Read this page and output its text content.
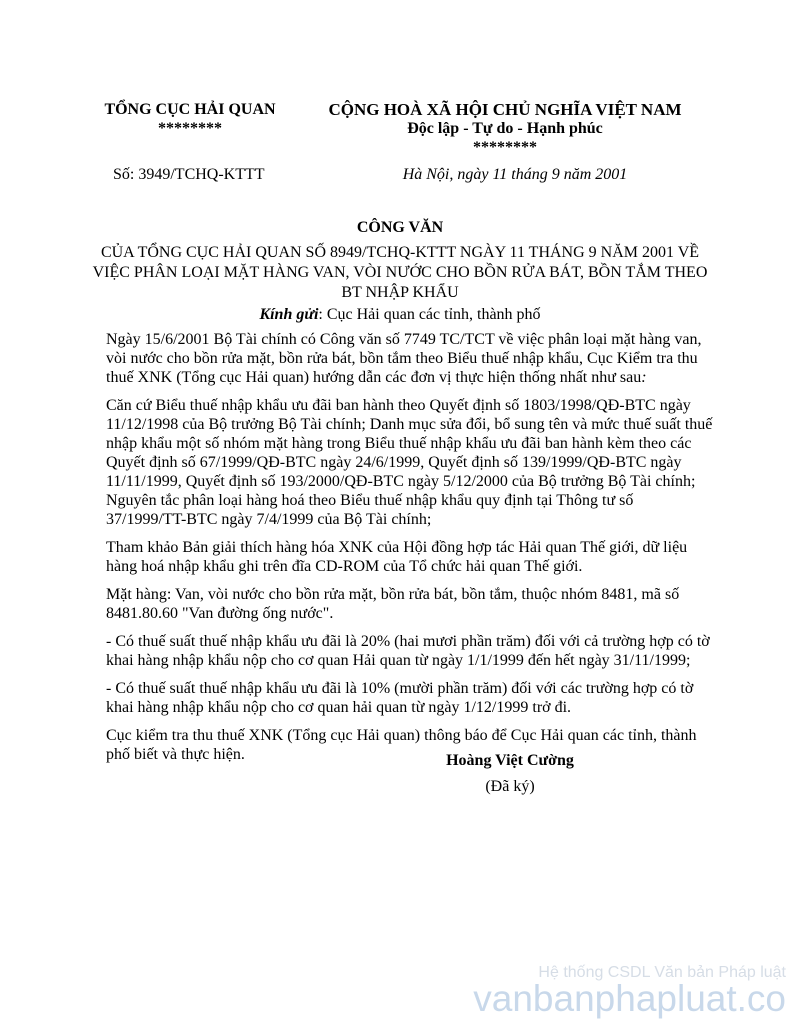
TỔNG CỤC HẢI QUAN
********
CỘNG HOÀ XÃ HỘI CHỦ NGHĨA VIỆT NAM
Độc lập - Tự do - Hạnh phúc
********
Số: 3949/TCHQ-KTTT	Hà Nội, ngày 11 tháng 9 năm 2001
CÔNG VĂN
CỦA TỔNG CỤC HẢI QUAN SỐ 8949/TCHQ-KTTT NGÀY 11 THÁNG 9 NĂM 2001 VỀ VIỆC PHÂN LOẠI MẶT HÀNG VAN, VÒI NƯỚC CHO BỒN RỬA BÁT, BỒN TẮM THEO BT NHẬP KHẨU
Kính gửi: Cục Hải quan các tỉnh, thành phố

Ngày 15/6/2001 Bộ Tài chính có Công văn số 7749 TC/TCT về việc phân loại mặt hàng van, vòi nước cho bồn rửa mặt, bồn rửa bát, bồn tắm theo Biểu thuế nhập khẩu, Cục Kiểm tra thu thuế XNK (Tổng cục Hải quan) hướng dẫn các đơn vị thực hiện thống nhất như sau:

Căn cứ Biểu thuế nhập khẩu ưu đãi ban hành theo Quyết định số 1803/1998/QĐ-BTC ngày 11/12/1998 của Bộ trưởng Bộ Tài chính; Danh mục sửa đổi, bổ sung tên và mức thuế suất thuế nhập khẩu một số nhóm mặt hàng trong Biểu thuế nhập khẩu ưu đãi ban hành kèm theo các Quyết định số 67/1999/QĐ-BTC ngày 24/6/1999, Quyết định số 139/1999/QĐ-BTC ngày 11/11/1999, Quyết định số 193/2000/QĐ-BTC ngày 5/12/2000 của Bộ trưởng Bộ Tài chính; Nguyên tắc phân loại hàng hoá theo Biểu thuế nhập khẩu quy định tại Thông tư số 37/1999/TT-BTC ngày 7/4/1999 của Bộ Tài chính;

Tham khảo Bản giải thích hàng hóa XNK của Hội đồng hợp tác Hải quan Thế giới, dữ liệu hàng hoá nhập khẩu ghi trên đĩa CD-ROM của Tổ chức hải quan Thế giới.

Mặt hàng: Van, vòi nước cho bồn rửa mặt, bồn rửa bát, bồn tắm, thuộc nhóm 8481, mã số 8481.80.60 "Van đường ống nước".

- Có thuế suất thuế nhập khẩu ưu đãi là 20% (hai mươi phần trăm) đối với cả trường hợp có tờ khai hàng nhập khẩu nộp cho cơ quan Hải quan từ ngày 1/1/1999 đến hết ngày 31/11/1999;

- Có thuế suất thuế nhập khẩu ưu đãi là 10% (mười phần trăm) đối với các trường hợp có tờ khai hàng nhập khẩu nộp cho cơ quan hải quan từ ngày 1/12/1999 trở đi.

Cục kiểm tra thu thuế XNK (Tổng cục Hải quan) thông báo để Cục Hải quan các tỉnh, thành phố biết và thực hiện.	Hoàng Việt Cường
(Đã ký)
Hệ thống CSDL Văn bản Pháp luật
vanbanphapluat.co
